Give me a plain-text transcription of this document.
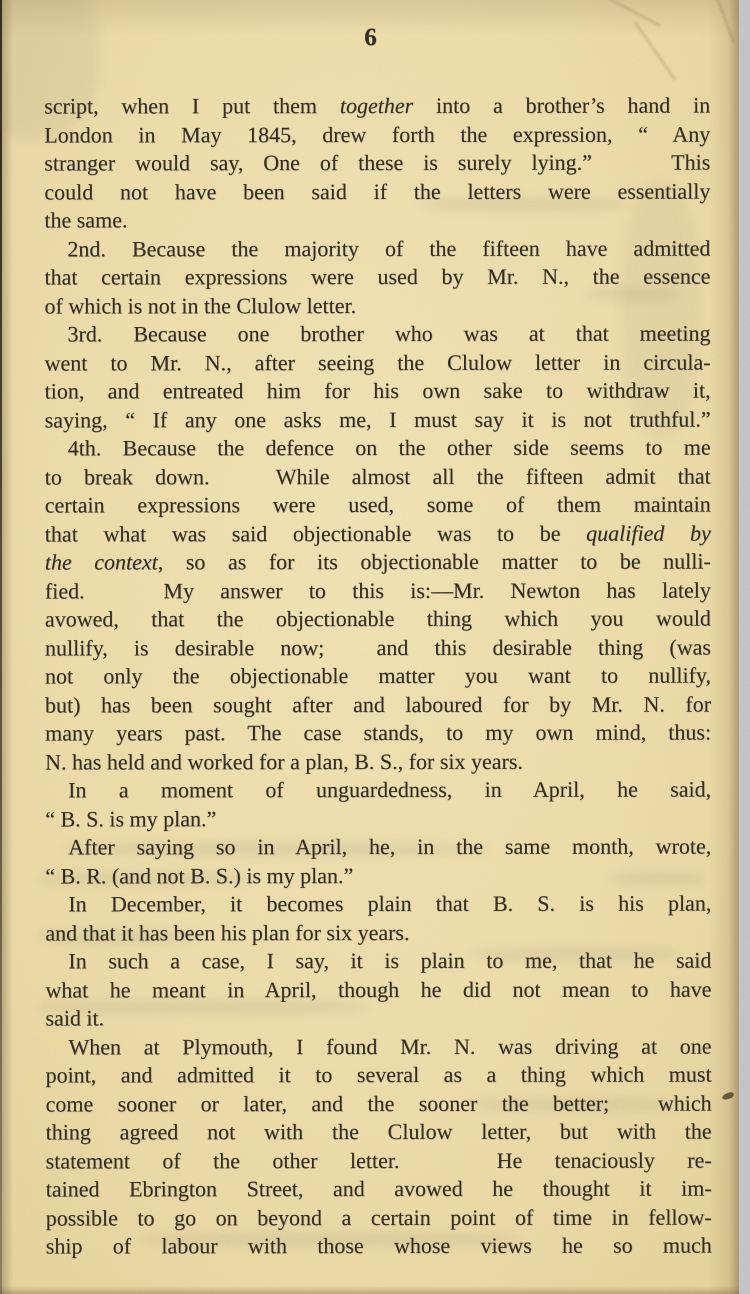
6
script, when I put them together into a brother’s hand in
London in May 1845, drew forth the expression, “ Any
stranger would say, One of these is surely lying.”    This
could not have been said if the letters were essentially
the same.
2nd. Because the majority of the fifteen have admitted
that certain expressions were used by Mr. N., the essence
of which is not in the Clulow letter.
3rd. Because one brother who was at that meeting
went to Mr. N., after seeing the Clulow letter in circula-
tion, and entreated him for his own sake to withdraw it,
saying, “ If any one asks me, I must say it is not truthful.”
4th. Because the defence on the other side seems to me
to break down.   While almost all the fifteen admit that
certain expressions were used, some of them maintain
that what was said objectionable was to be qualified by
the context, so as for its objectionable matter to be nulli-
fied.   My answer to this is:—Mr. Newton has lately
avowed, that the objectionable thing which you would
nullify, is desirable now;  and this desirable thing (was
not only the objectionable matter you want to nullify,
but) has been sought after and laboured for by Mr. N. for
many years past. The case stands, to my own mind, thus:
N. has held and worked for a plan, B. S., for six years.
In a moment of unguardedness, in April, he said,
“ B. S. is my plan.”
After saying so in April, he, in the same month, wrote,
“ B. R. (and not B. S.) is my plan.”
In December, it becomes plain that B. S. is his plan,
and that it has been his plan for six years.
In such a case, I say, it is plain to me, that he said
what he meant in April, though he did not mean to have
said it.
When at Plymouth, I found Mr. N. was driving at one
point, and admitted it to several as a thing which must
come sooner or later, and the sooner the better;  which
thing agreed not with the Clulow letter, but with the
statement of the other letter.   He tenaciously re-
tained Ebrington Street, and avowed he thought it im-
possible to go on beyond a certain point of time in fellow-
ship of labour with those whose views he so much
